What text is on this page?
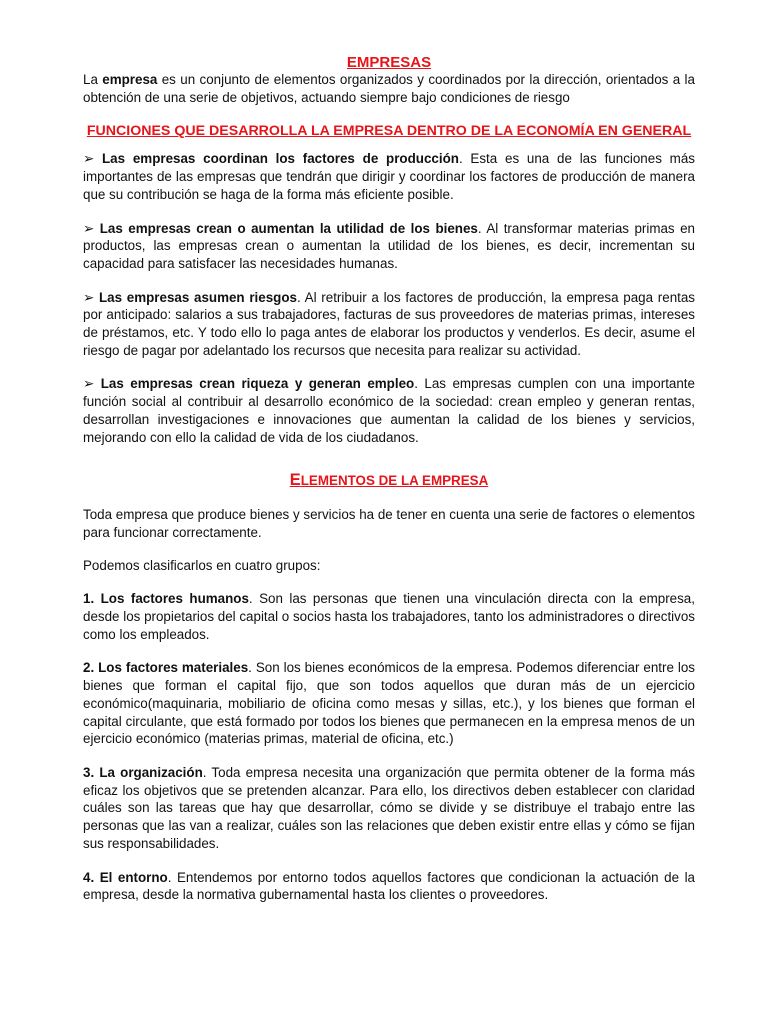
EMPRESAS

La empresa es un conjunto de elementos organizados y coordinados por la dirección, orientados a la obtención de una serie de objetivos, actuando siempre bajo condiciones de riesgo

FUNCIONES QUE DESARROLLA LA EMPRESA DENTRO DE LA ECONOMÍA EN GENERAL

➢ Las empresas coordinan los factores de producción. Esta es una de las funciones más importantes de las empresas que tendrán que dirigir y coordinar los factores de producción de manera que su contribución se haga de la forma más eficiente posible.

➢ Las empresas crean o aumentan la utilidad de los bienes. Al transformar materias primas en productos, las empresas crean o aumentan la utilidad de los bienes, es decir, incrementan su capacidad para satisfacer las necesidades humanas.

➢ Las empresas asumen riesgos. Al retribuir a los factores de producción, la empresa paga rentas por anticipado: salarios a sus trabajadores, facturas de sus proveedores de materias primas, intereses de préstamos, etc. Y todo ello lo paga antes de elaborar los productos y venderlos. Es decir, asume el riesgo de pagar por adelantado los recursos que necesita para realizar su actividad.

➢ Las empresas crean riqueza y generan empleo. Las empresas cumplen con una importante función social al contribuir al desarrollo económico de la sociedad: crean empleo y generan rentas, desarrollan investigaciones e innovaciones que aumentan la calidad de los bienes y servicios, mejorando con ello la calidad de vida de los ciudadanos.

ELEMENTOS DE LA EMPRESA

Toda empresa que produce bienes y servicios ha de tener en cuenta una serie de factores o elementos para funcionar correctamente.

Podemos clasificarlos en cuatro grupos:

1. Los factores humanos. Son las personas que tienen una vinculación directa con la empresa, desde los propietarios del capital o socios hasta los trabajadores, tanto los administradores o directivos como los empleados.

2. Los factores materiales. Son los bienes económicos de la empresa. Podemos diferenciar entre los bienes que forman el capital fijo, que son todos aquellos que duran más de un ejercicio económico(maquinaria, mobiliario de oficina como mesas y sillas, etc.), y los bienes que forman el capital circulante, que está formado por todos los bienes que permanecen en la empresa menos de un ejercicio económico (materias primas, material de oficina, etc.)

3. La organización. Toda empresa necesita una organización que permita obtener de la forma más eficaz los objetivos que se pretenden alcanzar. Para ello, los directivos deben establecer con claridad cuáles son las tareas que hay que desarrollar, cómo se divide y se distribuye el trabajo entre las personas que las van a realizar, cuáles son las relaciones que deben existir entre ellas y cómo se fijan sus responsabilidades.

4. El entorno. Entendemos por entorno todos aquellos factores que condicionan la actuación de la empresa, desde la normativa gubernamental hasta los clientes o proveedores.
